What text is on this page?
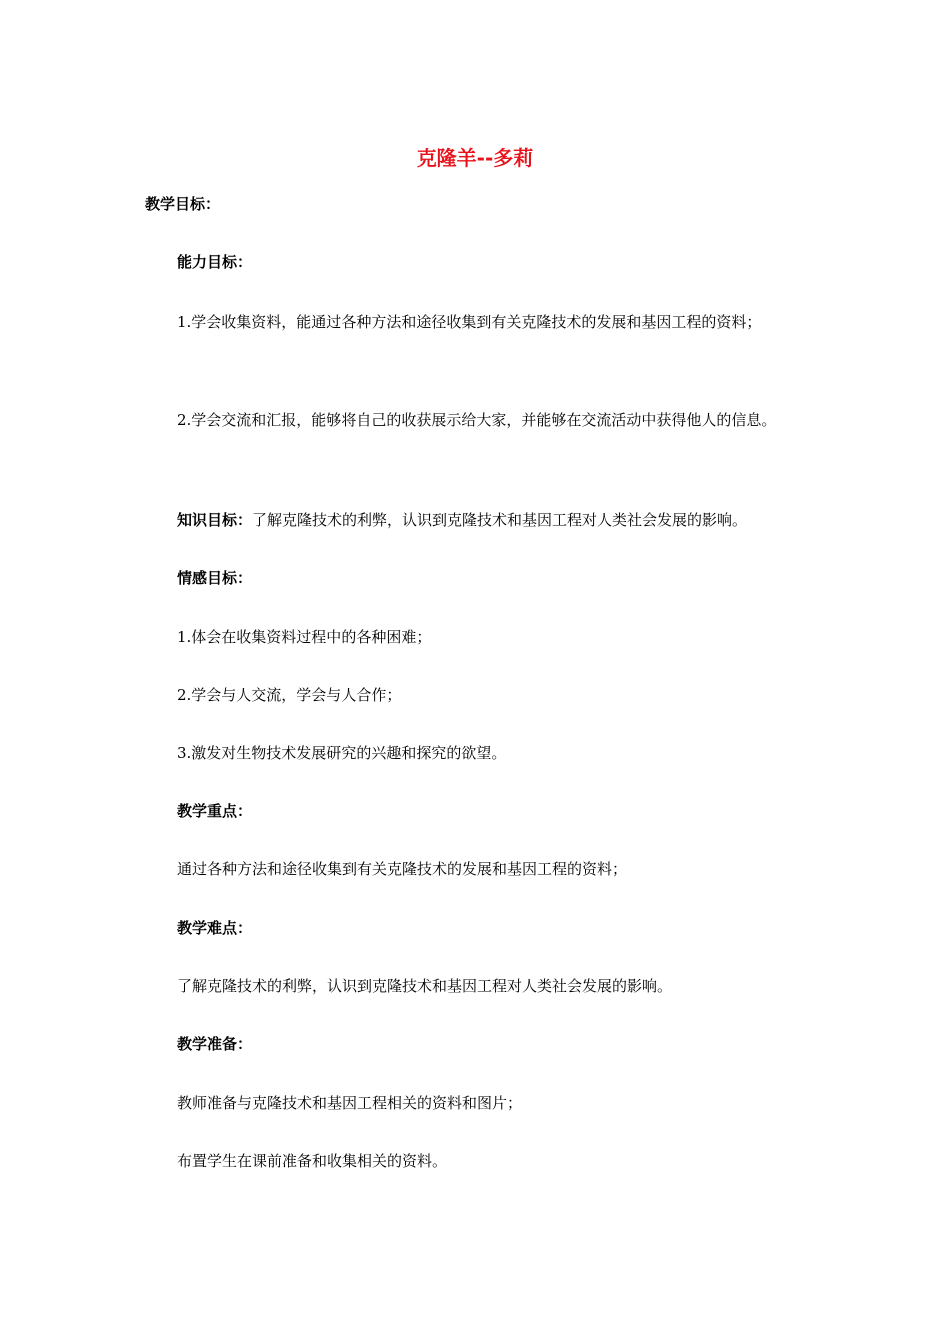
克隆羊--多莉
教学目标：
能力目标：
1.学会收集资料，能通过各种方法和途径收集到有关克隆技术的发展和基因工程的资料；
2.学会交流和汇报，能够将自己的收获展示给大家，并能够在交流活动中获得他人的信息。
知识目标：了解克隆技术的利弊，认识到克隆技术和基因工程对人类社会发展的影响。
情感目标：
1.体会在收集资料过程中的各种困难；
2.学会与人交流，学会与人合作；
3.激发对生物技术发展研究的兴趣和探究的欲望。
教学重点：
通过各种方法和途径收集到有关克隆技术的发展和基因工程的资料；
教学难点：
了解克隆技术的利弊，认识到克隆技术和基因工程对人类社会发展的影响。
教学准备：
教师准备与克隆技术和基因工程相关的资料和图片；
布置学生在课前准备和收集相关的资料。
